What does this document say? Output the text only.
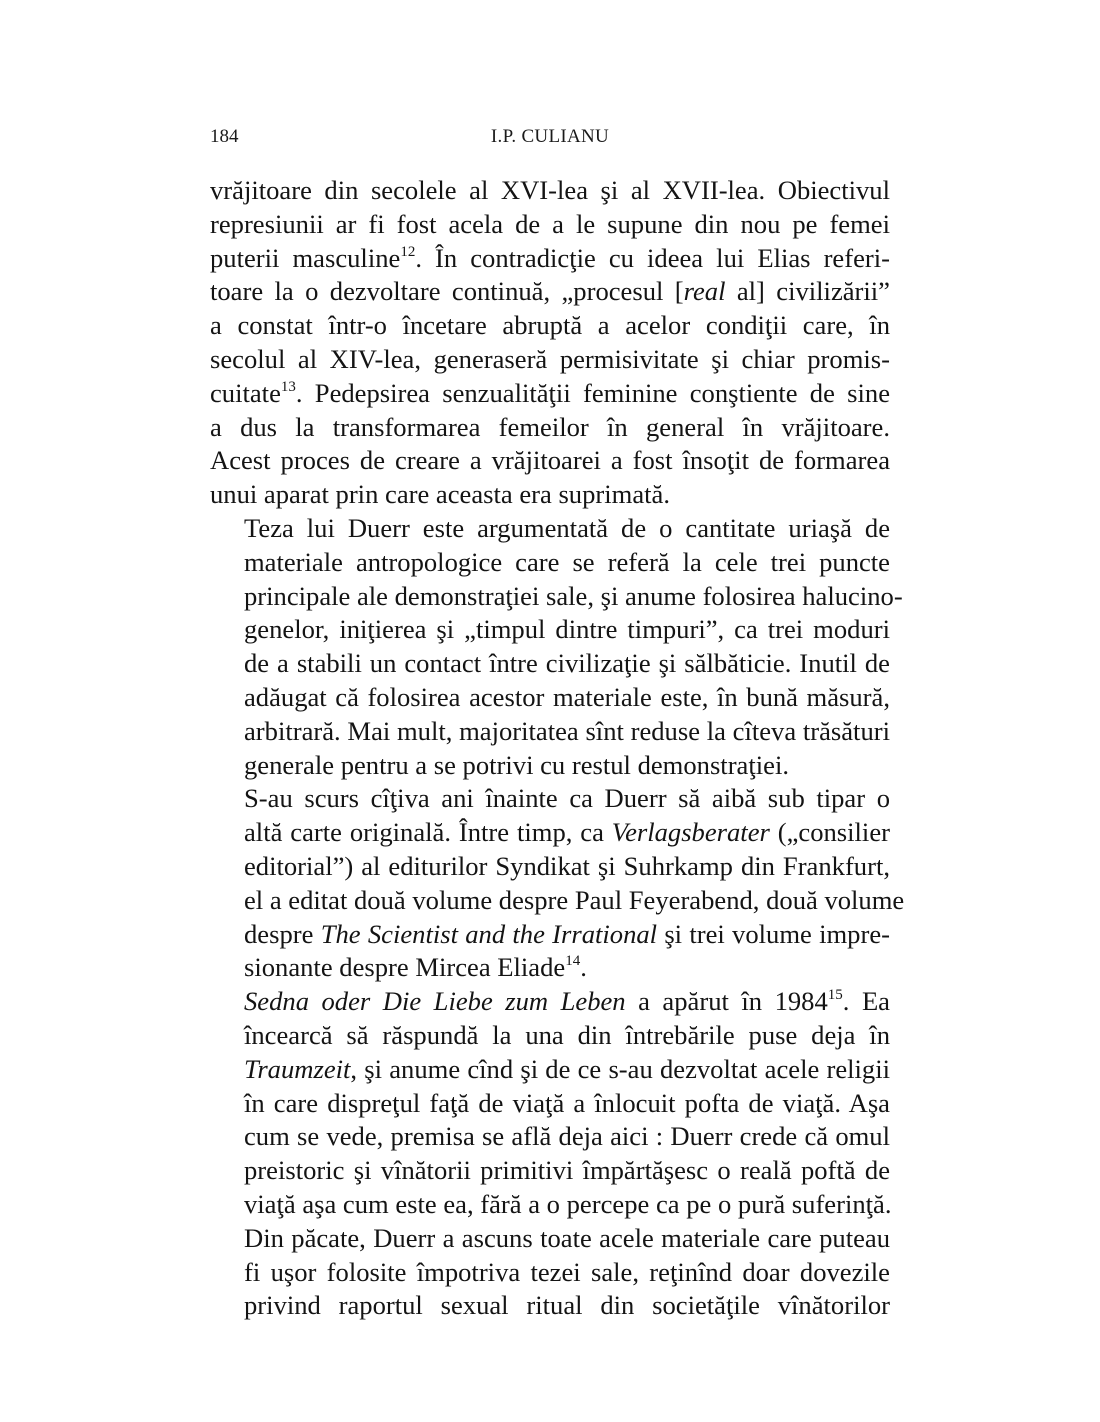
184	I.P. CULIANU
vrăjitoare din secolele al XVI-lea şi al XVII-lea. Obiectivul
represiunii ar fi fost acela de a le supune din nou pe femei
puterii masculine$^{12}$. În contradicţie cu ideea lui Elias referi-
toare la o dezvoltare continuă, „procesul [real al] civilizării”
a constat într-o încetare abruptă a acelor condiţii care, în
secolul al XIV-lea, generaseră permisivitate şi chiar promis-
cuitate$^{13}$. Pedepsirea senzualităţii feminine conştiente de sine
a dus la transformarea femeilor în general în vrăjitoare.
Acest proces de creare a vrăjitoarei a fost însoţit de formarea
unui aparat prin care aceasta era suprimată.
Teza lui Duerr este argumentată de o cantitate uriaşă de
materiale antropologice care se referă la cele trei puncte
principale ale demonstraţiei sale, şi anume folosirea halucino-
genelor, iniţierea şi „timpul dintre timpuri”, ca trei moduri
de a stabili un contact între civilizaţie şi sălbăticie. Inutil de
adăugat că folosirea acestor materiale este, în bună măsură,
arbitrară. Mai mult, majoritatea sînt reduse la cîteva trăsături
generale pentru a se potrivi cu restul demonstraţiei.
S-au scurs cîţiva ani înainte ca Duerr să aibă sub tipar o
altă carte originală. Între timp, ca Verlagsberater („consilier
editorial”) al editurilor Syndikat şi Suhrkamp din Frankfurt,
el a editat două volume despre Paul Feyerabend, două volume
despre The Scientist and the Irrational şi trei volume impre-
sionante despre Mircea Eliade$^{14}$.
Sedna oder Die Liebe zum Leben a apărut în 1984$^{15}$. Ea
încearcă să răspundă la una din întrebările puse deja în
Traumzeit, şi anume cînd şi de ce s-au dezvoltat acele religii
în care dispreţul faţă de viaţă a înlocuit pofta de viaţă. Aşa
cum se vede, premisa se află deja aici : Duerr crede că omul
preistoric şi vînătorii primitivi împărtăşesc o reală poftă de
viaţă aşa cum este ea, fără a o percepe ca pe o pură suferinţă.
Din păcate, Duerr a ascuns toate acele materiale care puteau
fi uşor folosite împotriva tezei sale, reţinînd doar dovezile
privind raportul sexual ritual din societăţile vînătorilor
